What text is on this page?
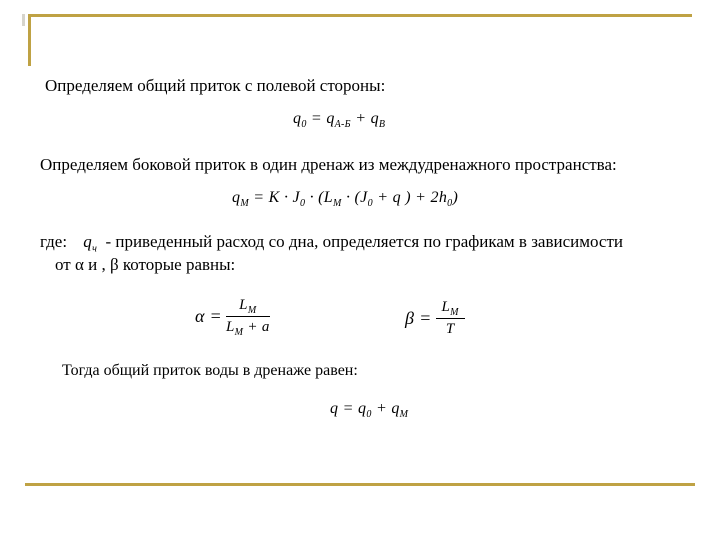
Определяем общий приток с полевой стороны:
$q_0 = q_{А-Б} + q_В$
Определяем боковой приток в один дренаж из междудренажного пространства:
$q_М = K \cdot J_0 \cdot (L_М \cdot (J_0 + q$ ) + $2h_0$)
где: $q_ч$ - приведенный расход со дна, определяется по графикам в зависимости
от α и , β которые равны:
$\alpha = \frac{L_М}{L_М + a}$	$\beta = \frac{L_М}{T}$
Тогда общий приток воды в дренаже равен:
$q = q_0 + q_М$
